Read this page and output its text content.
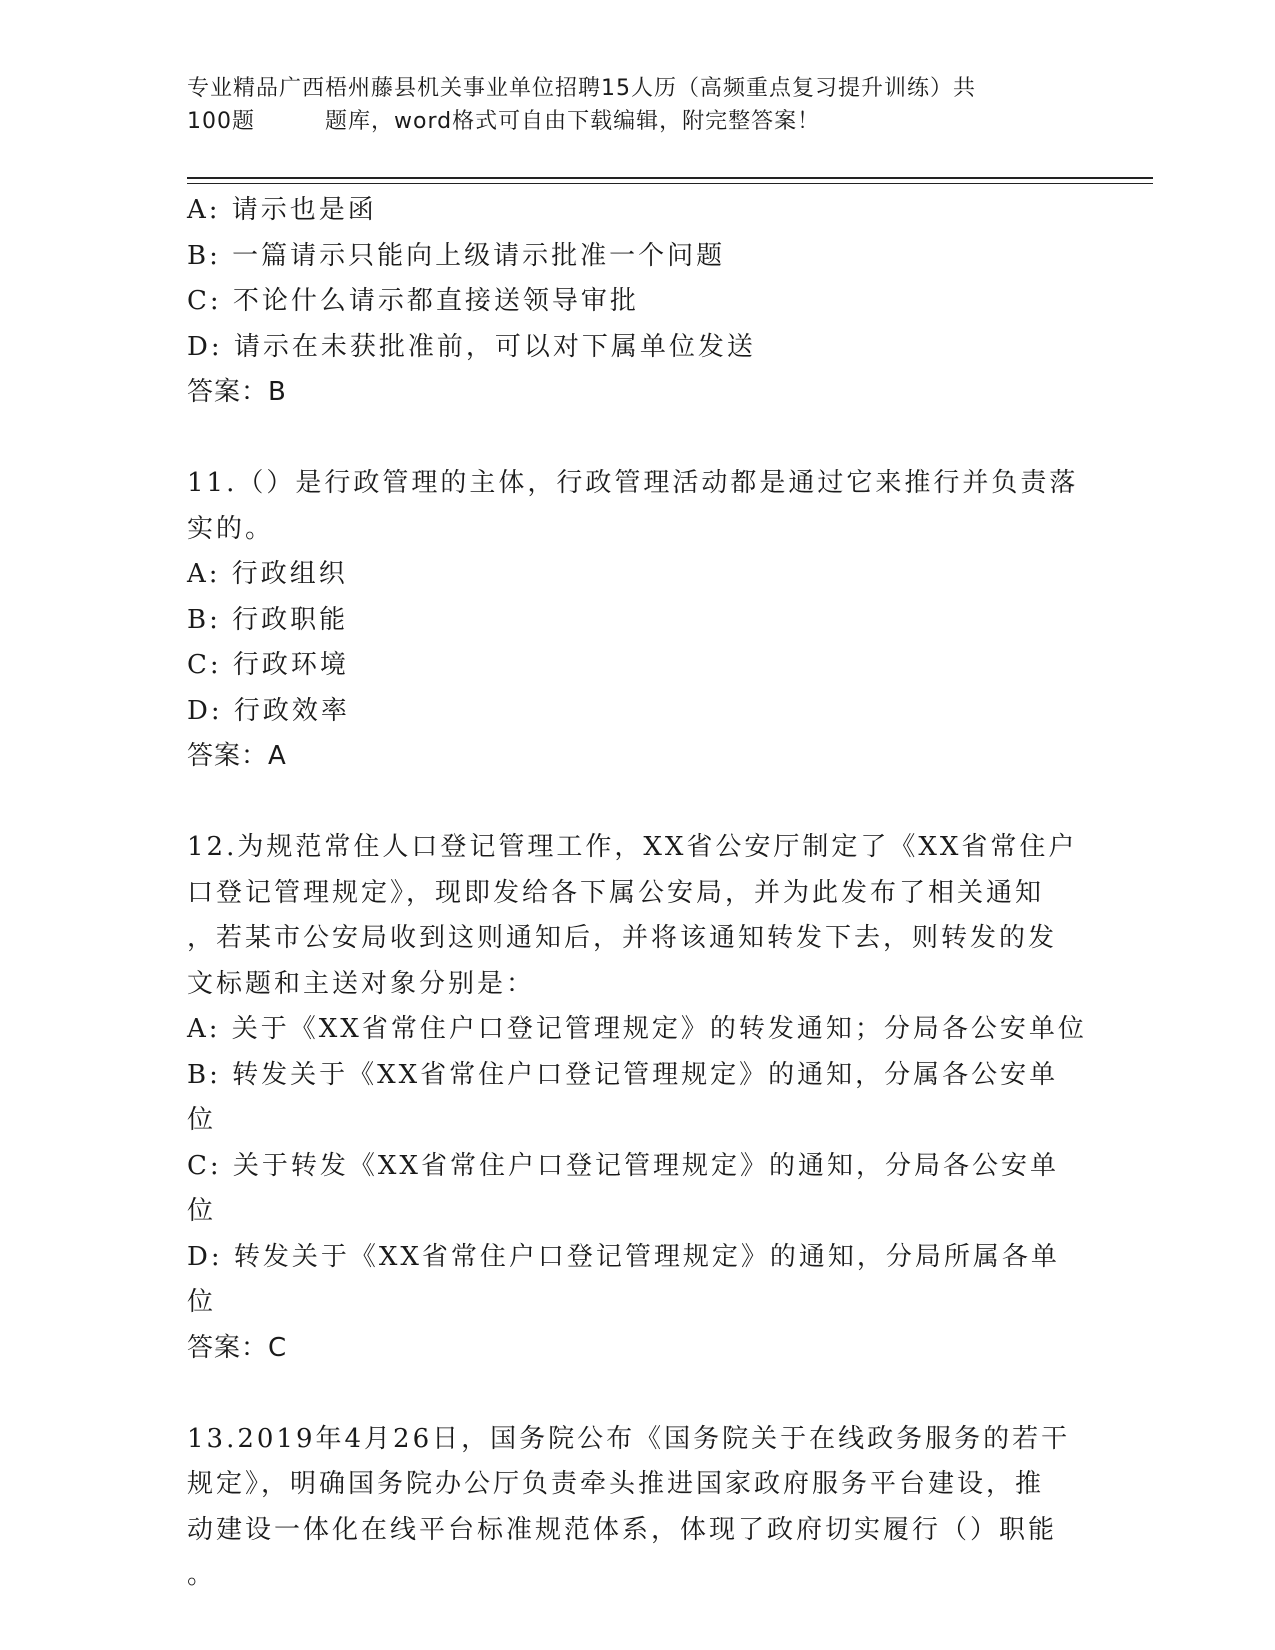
专业精品广西梧州藤县机关事业单位招聘15人历（高频重点复习提升训练）共
100题	题库，word格式可自由下载编辑，附完整答案！

A: 请示也是函

B: 一篇请示只能向上级请示批准一个问题

C: 不论什么请示都直接送领导审批

D: 请示在未获批准前，可以对下属单位发送

答案：B

11.（）是行政管理的主体，行政管理活动都是通过它来推行并负责落

实的。

A: 行政组织

B: 行政职能

C: 行政环境

D: 行政效率

答案：A

12.为规范常住人口登记管理工作，XX省公安厅制定了《XX省常住户

口登记管理规定》，现即发给各下属公安局，并为此发布了相关通知

，若某市公安局收到这则通知后，并将该通知转发下去，则转发的发

文标题和主送对象分别是：

A: 关于《XX省常住户口登记管理规定》的转发通知；分局各公安单位

B: 转发关于《XX省常住户口登记管理规定》的通知，分属各公安单位

C: 关于转发《XX省常住户口登记管理规定》的通知，分局各公安单位

D: 转发关于《XX省常住户口登记管理规定》的通知，分局所属各单位

答案：C

13.2019年4月26日，国务院公布《国务院关于在线政务服务的若干

规定》，明确国务院办公厅负责牵头推进国家政府服务平台建设，推

动建设一体化在线平台标准规范体系，体现了政府切实履行（）职能

。
